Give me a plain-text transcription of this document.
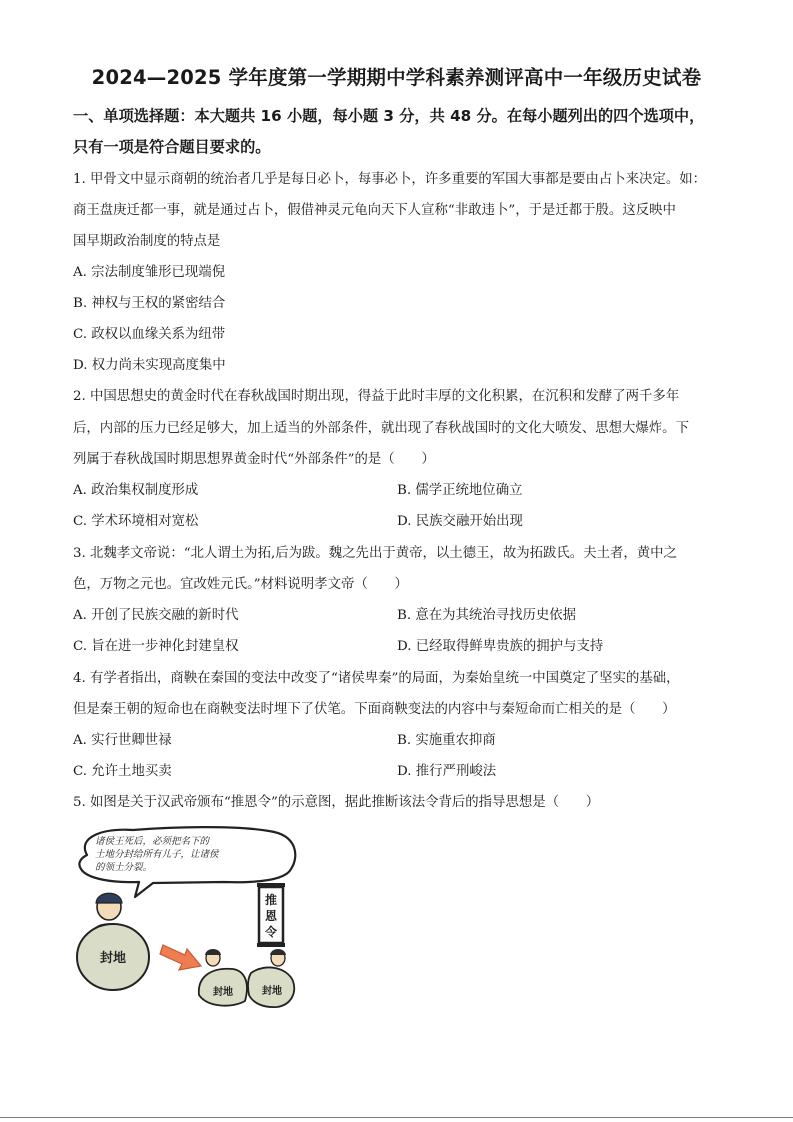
2024—2025 学年度第一学期期中学科素养测评高中一年级历史试卷
一、单项选择题：本大题共 16 小题，每小题 3 分，共 48 分。在每小题列出的四个选项中，
只有一项是符合题目要求的。
1. 甲骨文中显示商朝的统治者几乎是每日必卜，每事必卜，许多重要的军国大事都是要由占卜来决定。如：
商王盘庚迁都一事，就是通过占卜，假借神灵元龟向天下人宣称“非敢违卜”，于是迁都于殷。这反映中
国早期政治制度的特点是
A. 宗法制度雏形已现端倪
B. 神权与王权的紧密结合
C. 政权以血缘关系为纽带
D. 权力尚未实现高度集中
2. 中国思想史的黄金时代在春秋战国时期出现，得益于此时丰厚的文化积累，在沉积和发酵了两千多年
后，内部的压力已经足够大，加上适当的外部条件，就出现了春秋战国时的文化大喷发、思想大爆炸。下
列属于春秋战国时期思想界黄金时代“外部条件”的是（　　）
A. 政治集权制度形成	B. 儒学正统地位确立
C. 学术环境相对宽松	D. 民族交融开始出现
3. 北魏孝文帝说：“北人谓土为拓,后为跋。魏之先出于黄帝，以土德王，故为拓跋氏。夫土者，黄中之
色，万物之元也。宜改姓元氏。”材料说明孝文帝（　　）
A. 开创了民族交融的新时代	B. 意在为其统治寻找历史依据
C. 旨在进一步神化封建皇权	D. 已经取得鲜卑贵族的拥护与支持
4. 有学者指出，商鞅在秦国的变法中改变了“诸侯卑秦”的局面，为秦始皇统一中国奠定了坚实的基础，
但是秦王朝的短命也在商鞅变法时埋下了伏笔。下面商鞅变法的内容中与秦短命而亡相关的是（　　）
A. 实行世卿世禄	B. 实施重农抑商
C. 允许土地买卖	D. 推行严刑峻法
5. 如图是关于汉武帝颁布“推恩令”的示意图，据此推断该法令背后的指导思想是（　　）
诸侯王死后，必须把名下的
土地分封给所有儿子，让诸侯
的领土分裂。
推
恩
令
封地
封地	封地
